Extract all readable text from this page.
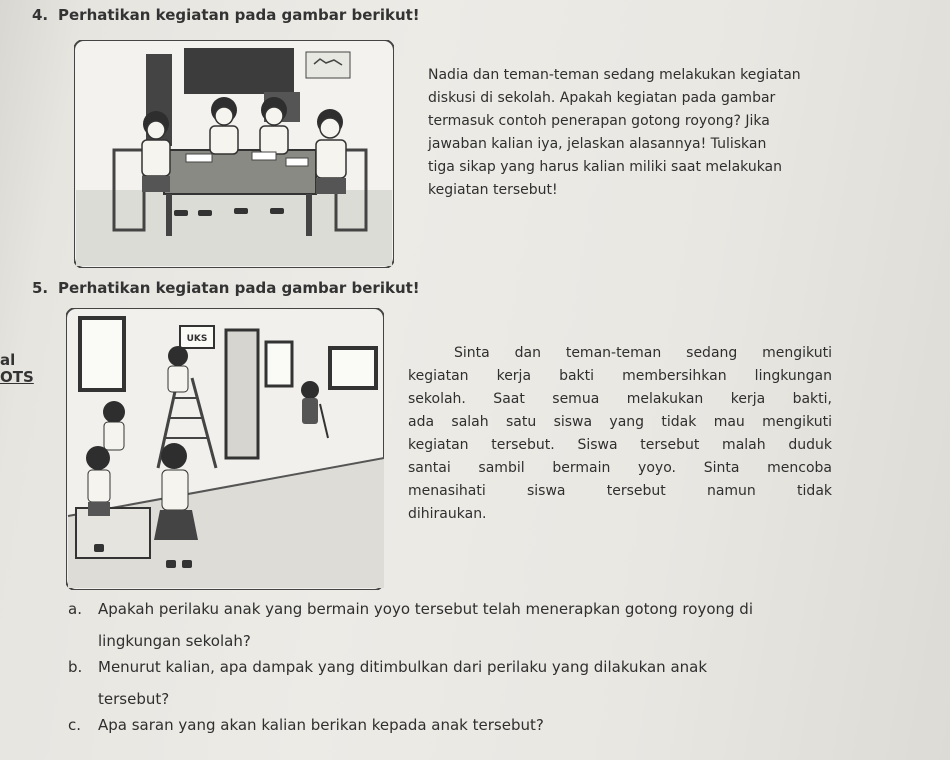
4. Perhatikan kegiatan pada gambar berikut!
Nadia dan teman-teman sedang melakukan kegiatan
diskusi di sekolah. Apakah kegiatan pada gambar
termasuk contoh penerapan gotong royong? Jika
jawaban kalian iya, jelaskan alasannya! Tuliskan
tiga sikap yang harus kalian miliki saat melakukan
kegiatan tersebut!
5. Perhatikan kegiatan pada gambar berikut!
al
OTS
UKS
Sinta dan teman-teman sedang mengikuti
kegiatan kerja bakti membersihkan lingkungan
sekolah. Saat semua melakukan kerja bakti,
ada salah satu siswa yang tidak mau mengikuti
kegiatan tersebut. Siswa tersebut malah duduk
santai sambil bermain yoyo. Sinta mencoba
menasihati siswa tersebut namun tidak
dihiraukan.
a. Apakah perilaku anak yang bermain yoyo tersebut telah menerapkan gotong royong di
lingkungan sekolah?
b. Menurut kalian, apa dampak yang ditimbulkan dari perilaku yang dilakukan anak
tersebut?
c. Apa saran yang akan kalian berikan kepada anak tersebut?
